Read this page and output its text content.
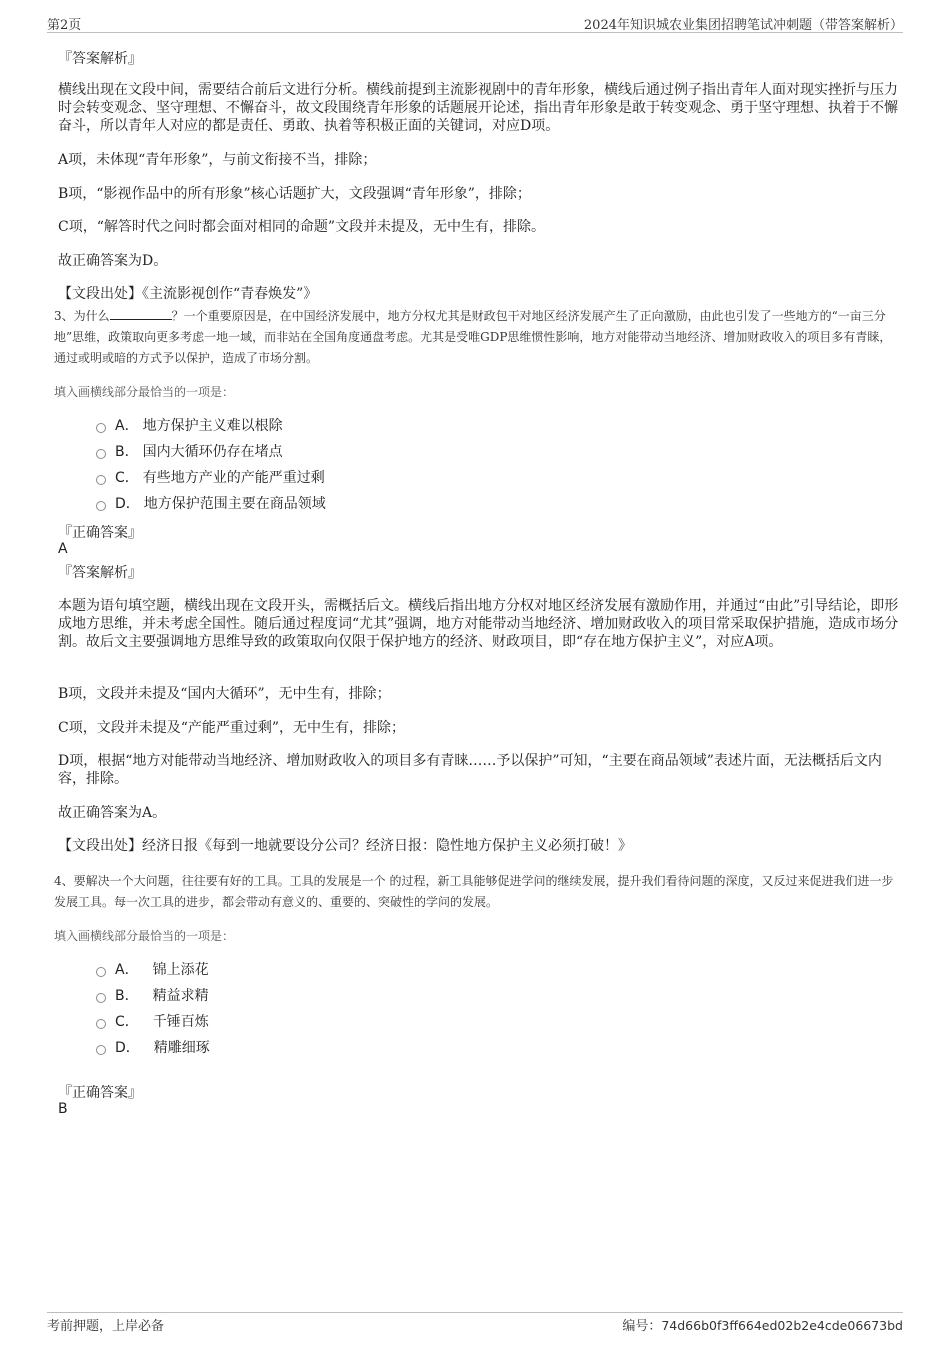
第2页	2024年知识城农业集团招聘笔试冲刺题（带答案解析）
『答案解析』

横线出现在文段中间，需要结合前后文进行分析。横线前提到主流影视剧中的青年形象，横线后通过例子指出青年人面对现实挫折与压力时会转变观念、坚守理想、不懈奋斗，故文段围绕青年形象的话题展开论述，指出青年形象是敢于转变观念、勇于坚守理想、执着于不懈奋斗，所以青年人对应的都是责任、勇敢、执着等积极正面的关键词，对应D项。

A项，未体现“青年形象”，与前文衔接不当，排除；

B项，“影视作品中的所有形象”核心话题扩大，文段强调“青年形象”，排除；

C项，“解答时代之问时都会面对相同的命题”文段并未提及，无中生有，排除。

故正确答案为D。

【文段出处】《主流影视创作“青春焕发”》

3、为什么	？一个重要原因是，在中国经济发展中，地方分权尤其是财政包干对地区经济发展产生了正向激励，由此也引发了一些地方的“一亩三分地”思维，政策取向更多考虑一地一域，而非站在全国角度通盘考虑。尤其是受唯GDP思维惯性影响，地方对能带动当地经济、增加财政收入的项目多有青睐，通过或明或暗的方式予以保护，造成了市场分割。
填入画横线部分最恰当的一项是：
A． 地方保护主义难以根除
B． 国内大循环仍存在堵点
C． 有些地方产业的产能严重过剩
D． 地方保护范围主要在商品领域
『正确答案』
A
『答案解析』

本题为语句填空题，横线出现在文段开头，需概括后文。横线后指出地方分权对地区经济发展有激励作用，并通过“由此”引导结论，即形成地方思维，并未考虑全国性。随后通过程度词“尤其”强调，地方对能带动当地经济、增加财政收入的项目常采取保护措施，造成市场分割。故后文主要强调地方思维导致的政策取向仅限于保护地方的经济、财政项目，即“存在地方保护主义”，对应A项。

B项，文段并未提及“国内大循环”，无中生有，排除；

C项，文段并未提及“产能严重过剩”，无中生有，排除；

D项，根据“地方对能带动当地经济、增加财政收入的项目多有青睐……予以保护”可知，“主要在商品领域”表述片面，无法概括后文内容，排除。

故正确答案为A。

【文段出处】经济日报《每到一地就要设分公司？经济日报：隐性地方保护主义必须打破！》

4、要解决一个大问题，往往要有好的工具。工具的发展是一个 的过程，新工具能够促进学问的继续发展，提升我们看待问题的深度，又反过来促进我们进一步发展工具。每一次工具的进步，都会带动有意义的、重要的、突破性的学问的发展。
填入画横线部分最恰当的一项是：
A． 锦上添花
B． 精益求精
C． 千锤百炼
D． 精雕细琢
『正确答案』
B
考前押题，上岸必备	编号：74d66b0f3ff664ed02b2e4cde06673bd
